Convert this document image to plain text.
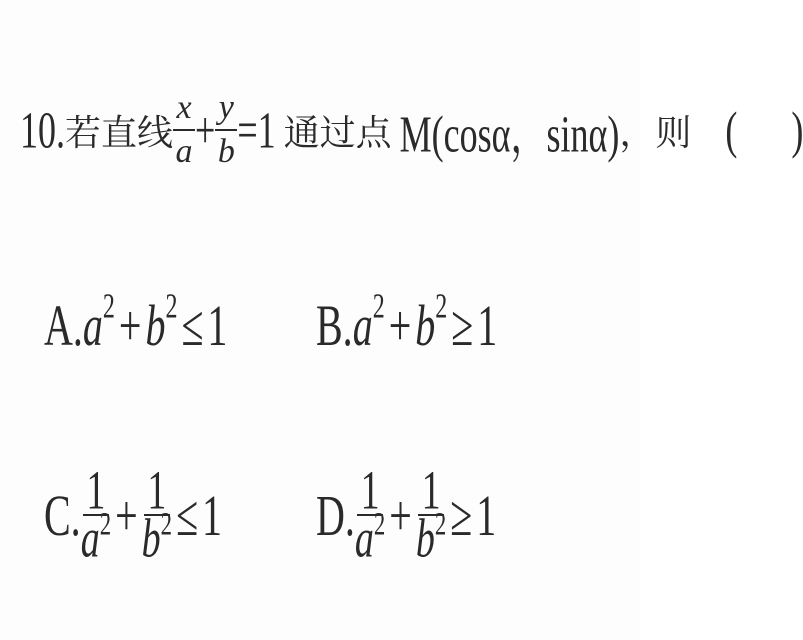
10. 若直线 $\frac{x}{a} + \frac{y}{b} =1$ 通过点 M(cosα，sinα) ，则 (      )
A. $a^2 + b^2 \le 1$ B. $a^2 + b^2 \ge 1$
C. $\frac{1}{a^2} + \frac{1}{b^2} \le 1$ D. $\frac{1}{a^2} + \frac{1}{b^2} \ge 1$
